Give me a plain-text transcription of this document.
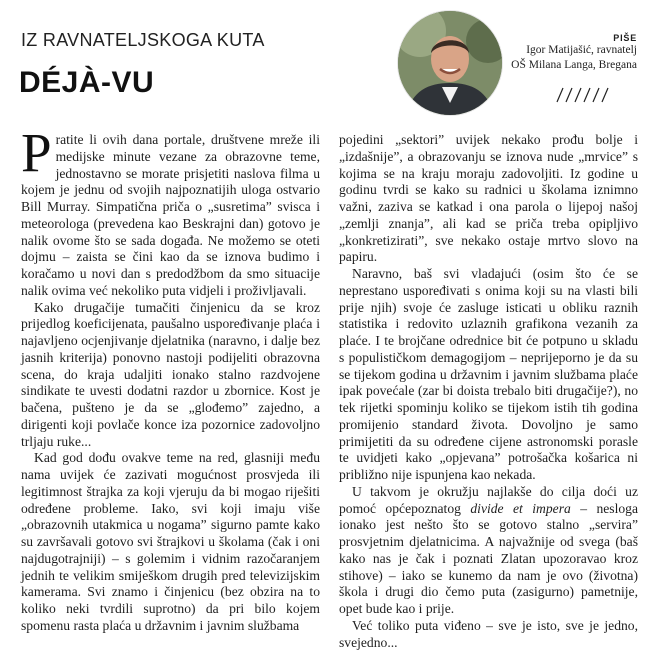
IZ RAVNATELJSKOGA KUTA
DÉJÀ-VU
PIŠE
Igor Matijašić, ravnatelj
OŠ Milana Langa, Bregana

Pratite li ovih dana portale, društvene mreže ili medijske minute vezane za obrazovne teme, jednostavno se morate prisjetiti naslova filma u kojem je jednu od svojih najpoznatijih uloga ostvario Bill Murray. Simpatična priča o „susretima” svisca i meteorologa (prevedena kao Beskrajni dan) gotovo je nalik ovome što se sada događa. Ne možemo se oteti dojmu – zaista se čini kao da se iznova budimo i koračamo u novi dan s predodžbom da smo situacije nalik ovima već nekoliko puta vidjeli i proživljavali.

Kako drugačije tumačiti činjenicu da se kroz prijedlog koeficijenata, paušalno uspoređivanje plaća i najavljeno ocjenjivanje djelatnika (naravno, i dalje bez jasnih kriterija) ponovno nastoji podijeliti obrazovna scena, do kraja udaljiti ionako stalno razdvojene sindikate te uvesti dodatni razdor u zbornice. Kost je bačena, pušteno je da se „glođemo” zajedno, a dirigenti koji povlače konce iza pozornice zadovoljno trljaju ruke...

Kad god dođu ovakve teme na red, glasniji među nama uvijek će zazivati mogućnost prosvjeda ili legitimnost štrajka za koji vjeruju da bi mogao riješiti određene probleme. Iako, svi koji imaju više „obrazovnih utakmica u nogama” sigurno pamte kako su završavali gotovo svi štrajkovi u školama (čak i oni najdugotrajniji) – s golemim i vidnim razočaranjem jednih te velikim smiješkom drugih pred televizijskim kamerama. Svi znamo i činjenicu (bez obzira na to koliko neki tvrdili suprotno) da pri bilo kojem spomenu rasta plaća u državnim i javnim službama

pojedini „sektori” uvijek nekako prođu bolje i „izdašnije”, a obrazovanju se iznova nude „mrvice” s kojima se na kraju moraju zadovoljiti. Iz godine u godinu tvrdi se kako su radnici u školama iznimno važni, zaziva se katkad i ona parola o lijepoj našoj „zemlji znanja”, ali kad se priča treba opipljivo „konkretizirati”, sve nekako ostaje mrtvo slovo na papiru.

Naravno, baš svi vladajući (osim što će se neprestano uspoređivati s onima koji su na vlasti bili prije njih) svoje će zasluge isticati u obliku raznih statistika i redovito uzlaznih grafikona vezanih za plaće. I te brojčane odrednice bit će potpuno u skladu s populističkom demagogijom – neprijeporno je da su se tijekom godina u državnim i javnim službama plaće ipak povećale (zar bi doista trebalo biti drugačije?), no tek rijetki spominju koliko se tijekom istih tih godina promijenio standard života. Dovoljno je samo primijetiti da su određene cijene astronomski porasle te uvidjeti kako „opjevana” potrošačka košarica ni približno nije ispunjena kao nekada.

U takvom je okružju najlakše do cilja doći uz pomoć općepoznatog divide et impera – nesloga ionako jest nešto što se gotovo stalno „servira” prosvjetnim djelatnicima. A najvažnije od svega (baš kako nas je čak i poznati Zlatan upozoravao kroz stihove) – iako se kunemo da nam je ovo (životna) škola i drugi dio čemo puta (zasigurno) pametnije, opet bude kao i prije.

Već toliko puta viđeno – sve je isto, sve je jedno, svejedno...
